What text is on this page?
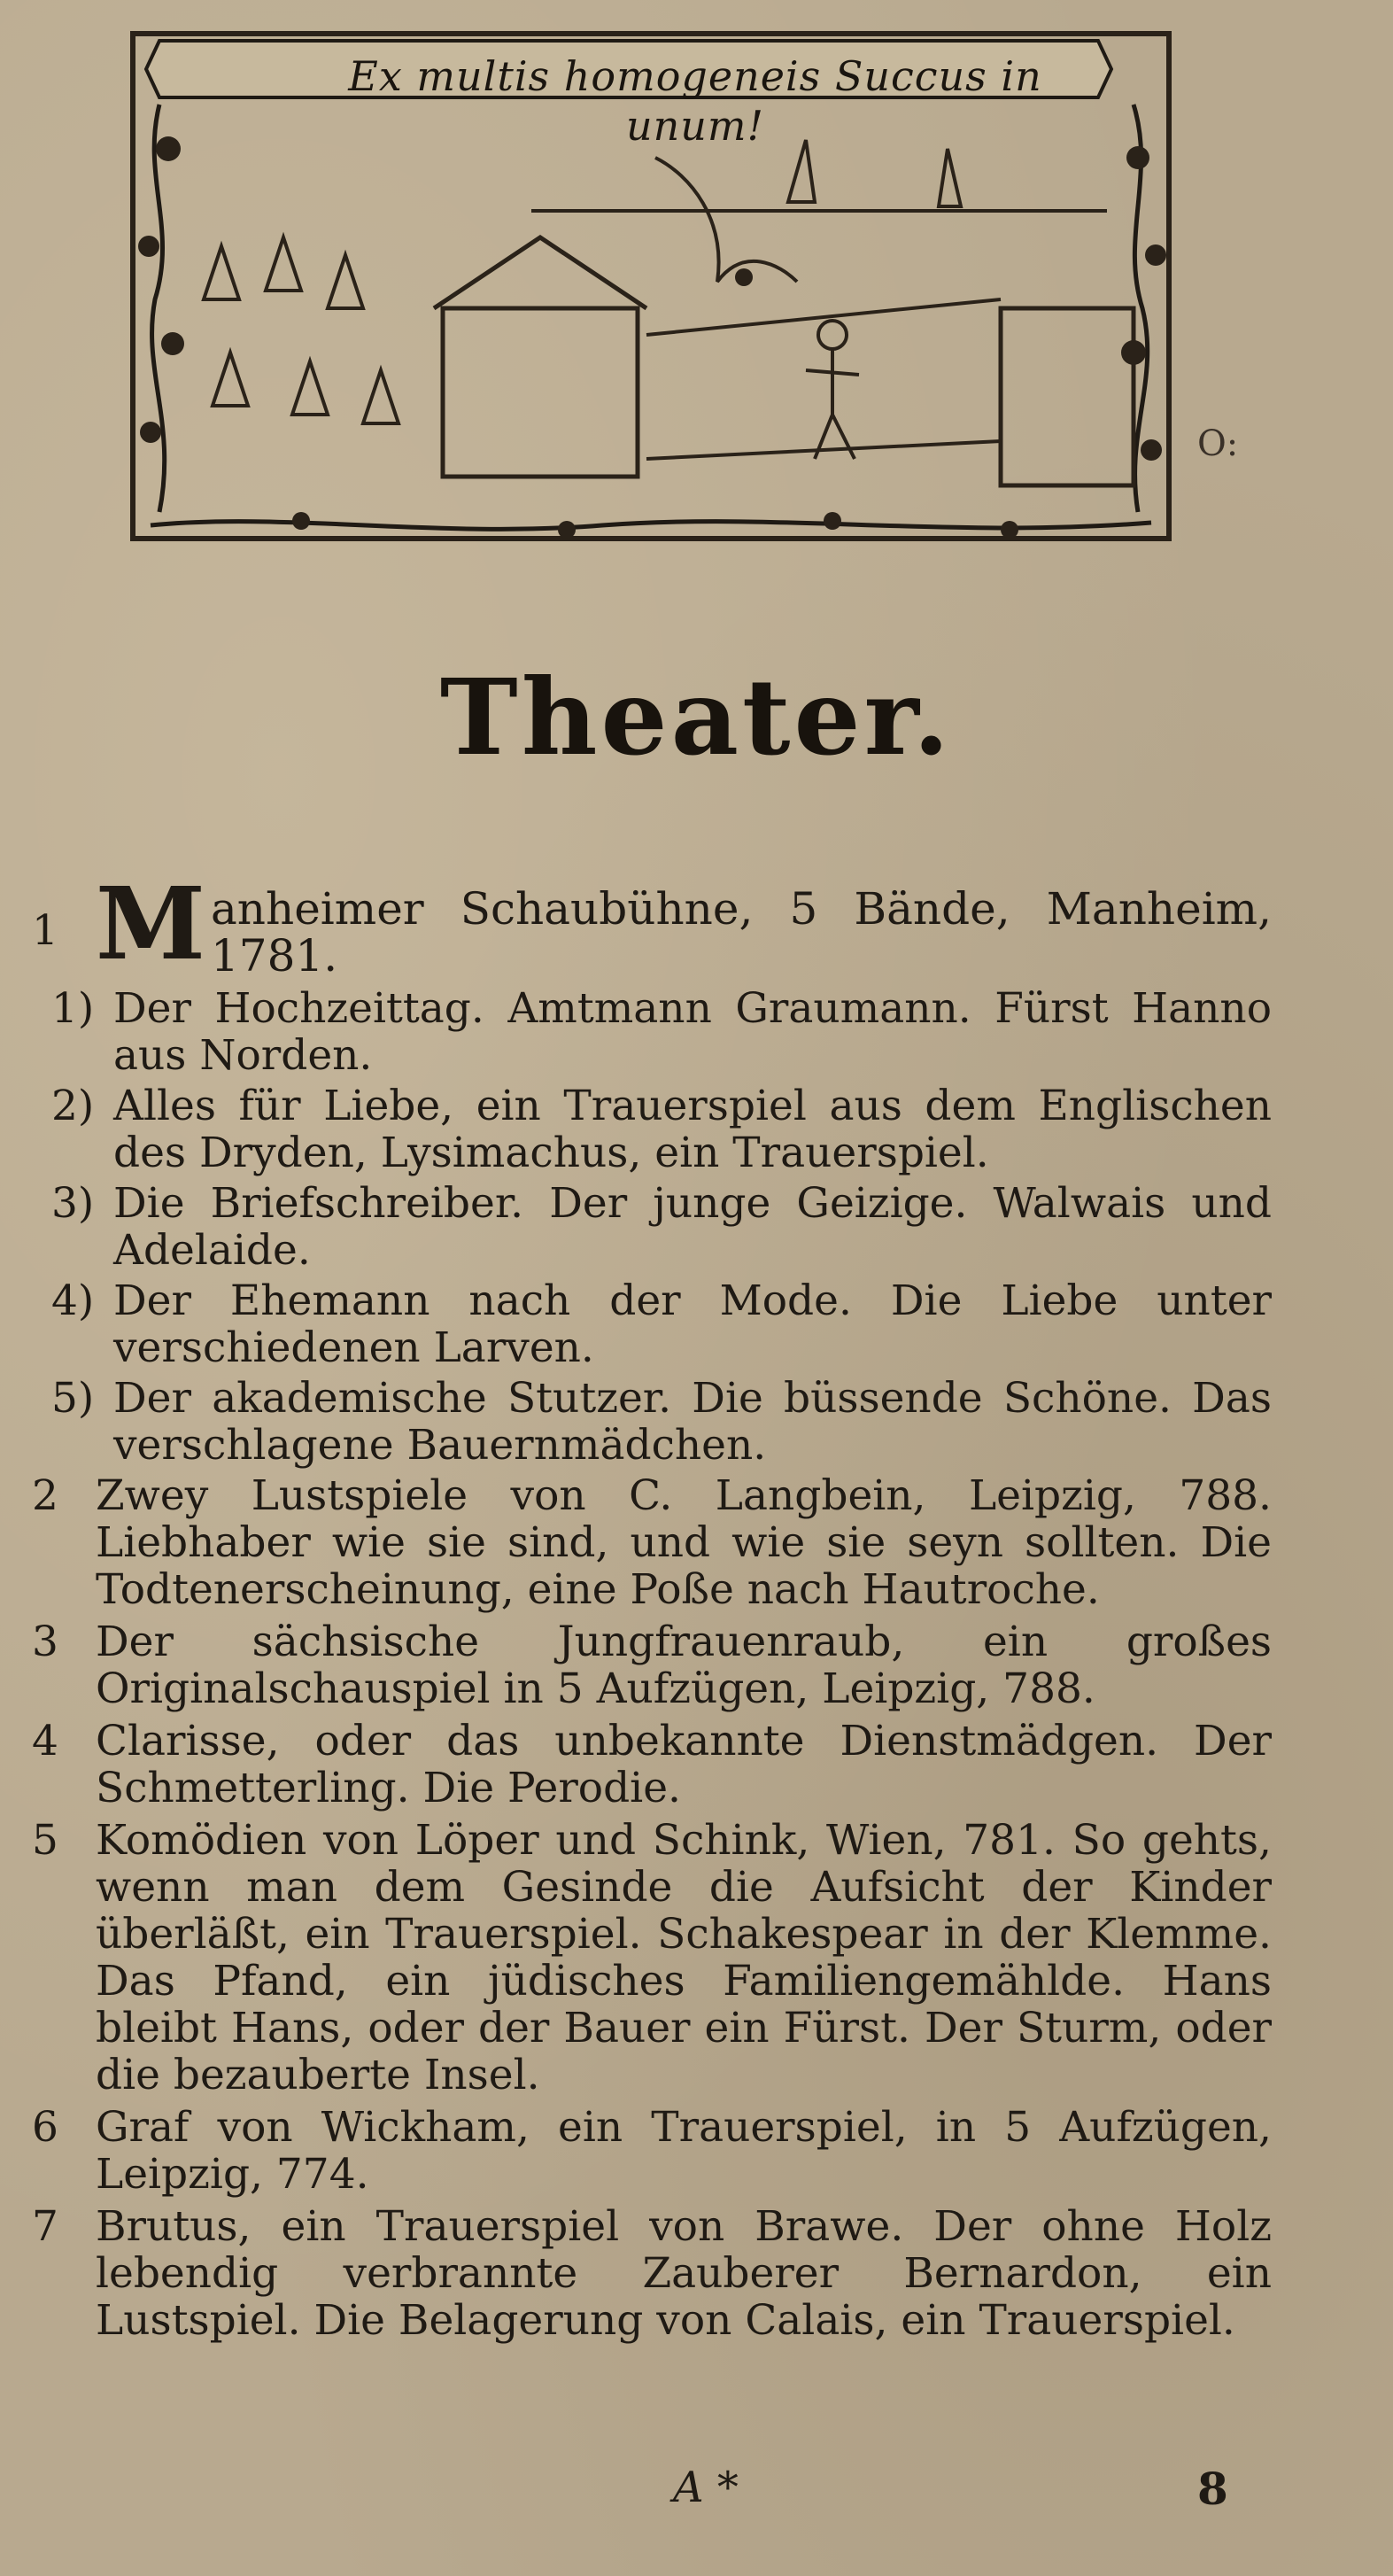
Ex multis homogeneis Succus in unum!
O:
Theater.
1 Manheimer Schaubühne, 5 Bände, Manheim, 1781.
1) Der Hochzeittag. Amtmann Graumann. Fürst Hanno aus Norden.
2) Alles für Liebe, ein Trauerspiel aus dem Englischen des Dryden, Lysimachus, ein Trauerspiel.
3) Die Briefschreiber. Der junge Geizige. Walwais und Adelaide.
4) Der Ehemann nach der Mode. Die Liebe unter verschiedenen Larven.
5) Der akademische Stutzer. Die büssende Schöne. Das verschlagene Bauernmädchen.
2 Zwey Lustspiele von C. Langbein, Leipzig, 788. Liebhaber wie sie sind, und wie sie seyn sollten. Die Todtenerscheinung, eine Poße nach Hautroche.
3 Der sächsische Jungfrauenraub, ein großes Originalschauspiel in 5 Aufzügen, Leipzig, 788.
4 Clarisse, oder das unbekannte Dienstmädgen. Der Schmetterling. Die Perodie.
5 Komödien von Löper und Schink, Wien, 781. So gehts, wenn man dem Gesinde die Aufsicht der Kinder überläßt, ein Trauerspiel. Schakespear in der Klemme. Das Pfand, ein jüdisches Familiengemählde. Hans bleibt Hans, oder der Bauer ein Fürst. Der Sturm, oder die bezauberte Insel.
6 Graf von Wickham, ein Trauerspiel, in 5 Aufzügen, Leipzig, 774.
7 Brutus, ein Trauerspiel von Brawe. Der ohne Holz lebendig verbrannte Zauberer Bernardon, ein Lustspiel. Die Belagerung von Calais, ein Trauerspiel.
A *	8
